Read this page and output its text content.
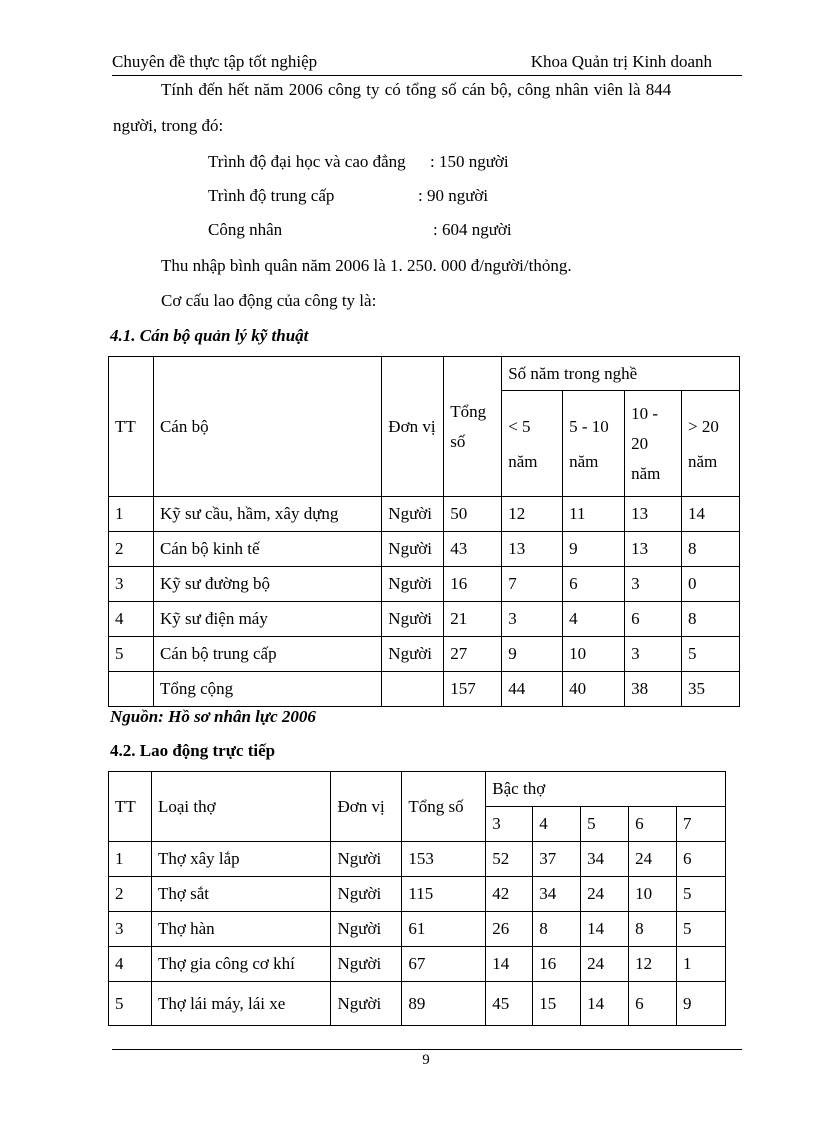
Chuyên đề thực tập tốt nghiệp	Khoa Quản trị Kinh doanh
Tính đến hết năm 2006 công ty có tổng số cán bộ, công nhân viên là 844
người, trong đó:
Trình độ đại học và cao đẳng : 150 người
Trình độ trung cấp	: 90 người
Công nhân	: 604 người
Thu nhập bình quân năm 2006 là 1. 250. 000 đ/người/thỏng.
Cơ cấu lao động của công ty là:
4.1. Cán bộ quản lý kỹ thuật
TT	Cán bộ	Đơn vị	Tổng số	Số năm trong nghề			
				< 5 năm	5 - 10 năm	10 - 20 năm	> 20 năm
1	Kỹ sư cầu, hầm, xây dựng	Người	50	12	11	13	14
2	Cán bộ kinh tế	Người	43	13	9	13	8
3	Kỹ sư đường bộ	Người	16	7	6	3	0
4	Kỹ sư điện máy	Người	21	3	4	6	8
5	Cán bộ trung cấp	Người	27	9	10	3	5
	Tổng cộng		157	44	40	38	35
Nguồn: Hồ sơ nhân lực 2006
4.2. Lao động trực tiếp
TT	Loại thợ	Đơn vị	Tổng số	Bậc thợ				
				3	4	5	6	7
1	Thợ xây lắp	Người	153	52	37	34	24	6
2	Thợ sắt	Người	115	42	34	24	10	5
3	Thợ hàn	Người	61	26	8	14	8	5
4	Thợ gia công cơ khí	Người	67	14	16	24	12	1
5	Thợ lái máy, lái xe	Người	89	45	15	14	6	9
9
